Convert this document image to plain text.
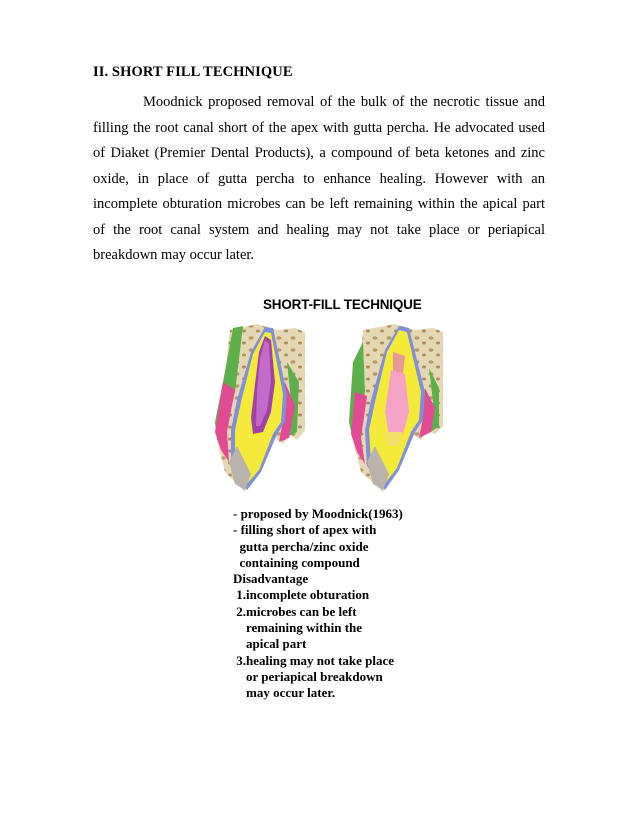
II. SHORT FILL TECHNIQUE
Moodnick proposed removal of the bulk of the necrotic tissue and filling the root canal short of the apex with gutta percha. He advocated used of Diaket (Premier Dental Products), a compound of beta ketones and zinc oxide, in place of gutta percha to enhance healing. However with an incomplete obturation microbes can be left remaining within the apical part of the root canal system and healing may not take place or periapical breakdown may occur later.
SHORT-FILL TECHNIQUE
- proposed by Moodnick(1963)
- filling short of apex with
gutta percha/zinc oxide
containing compound
Disadvantage
1.incomplete obturation
2.microbes can be left
remaining within the
apical part
3.healing may not take place
or periapical breakdown
may occur later.
